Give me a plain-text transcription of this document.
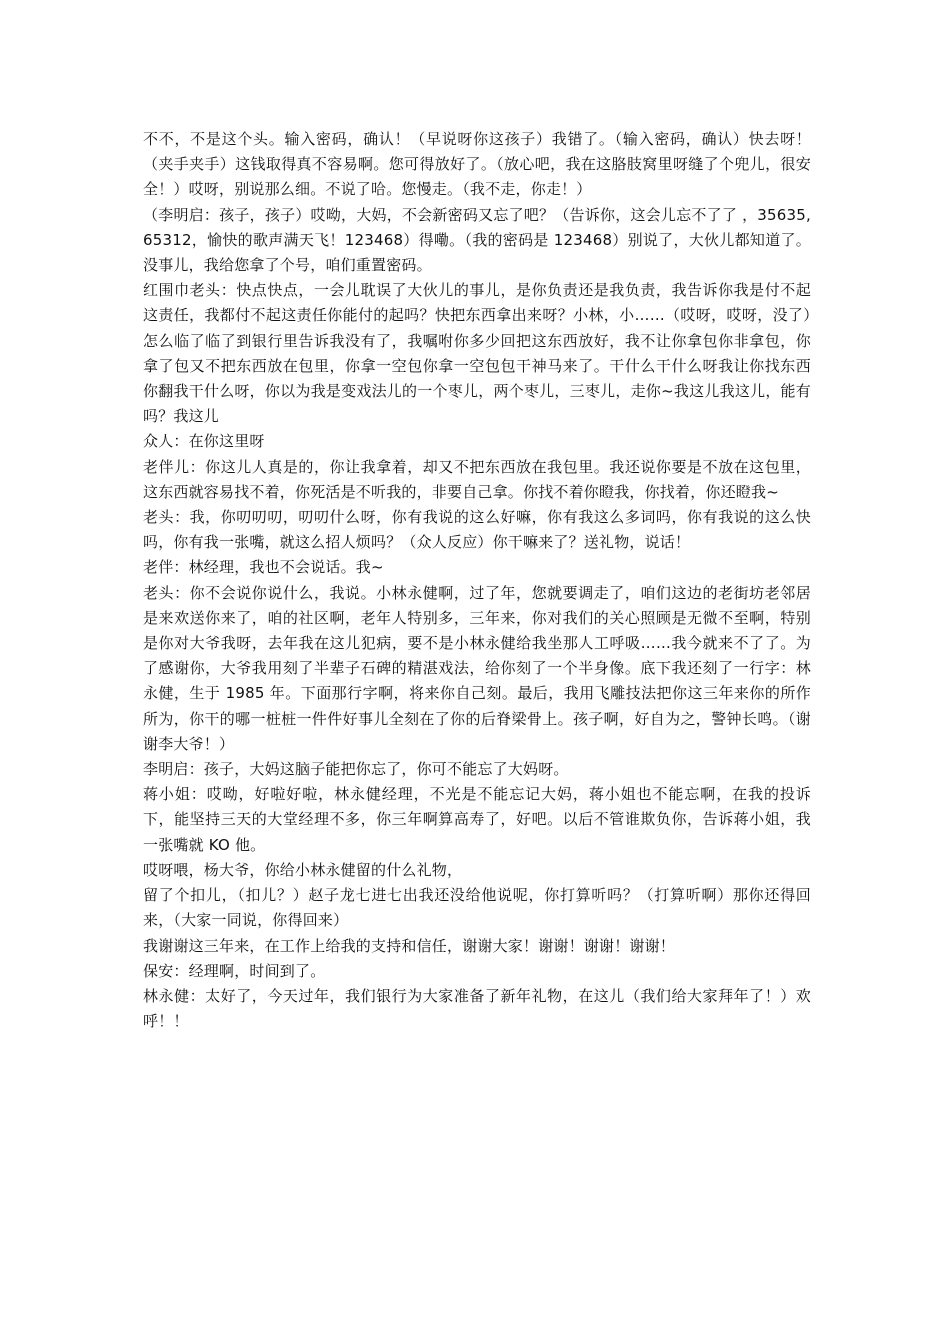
不不，不是这个头。输入密码，确认！（早说呀你这孩子）我错了。（输入密码，确认）快去呀！（夹手夹手）这钱取得真不容易啊。您可得放好了。（放心吧，我在这胳肢窝里呀缝了个兜儿，很安全！）哎呀，别说那么细。不说了哈。您慢走。（我不走，你走！）

（李明启：孩子，孩子）哎呦，大妈，不会新密码又忘了吧？（告诉你，这会儿忘不了了 ，35635,65312，愉快的歌声满天飞！123468）得嘞。（我的密码是 123468）别说了，大伙儿都知道了。没事儿，我给您拿了个号，咱们重置密码。

红围巾老头：快点快点，一会儿耽误了大伙儿的事儿，是你负责还是我负责，我告诉你我是付不起这责任，我都付不起这责任你能付的起吗？快把东西拿出来呀？小林，小……（哎呀，哎呀，没了）怎么临了临了到银行里告诉我没有了，我嘱咐你多少回把这东西放好，我不让你拿包你非拿包，你拿了包又不把东西放在包里，你拿一空包你拿一空包包干神马来了。干什么干什么呀我让你找东西你翻我干什么呀，你以为我是变戏法儿的一个枣儿，两个枣儿，三枣儿，走你~我这儿我这儿，能有吗？我这儿

众人：在你这里呀

老伴儿：你这儿人真是的，你让我拿着，却又不把东西放在我包里。我还说你要是不放在这包里，这东西就容易找不着，你死活是不听我的，非要自己拿。你找不着你瞪我，你找着，你还瞪我~

老头：我，你叨叨叨，叨叨什么呀，你有我说的这么好嘛，你有我这么多词吗，你有我说的这么快吗，你有我一张嘴，就这么招人烦吗？（众人反应）你干嘛来了？送礼物，说话！

老伴：林经理，我也不会说话。我~

老头：你不会说你说什么，我说。小林永健啊，过了年，您就要调走了，咱们这边的老街坊老邻居是来欢送你来了，咱的社区啊，老年人特别多，三年来，你对我们的关心照顾是无微不至啊，特别是你对大爷我呀，去年我在这儿犯病，要不是小林永健给我坐那人工呼吸……我今就来不了了。为了感谢你，大爷我用刻了半辈子石碑的精湛戏法，给你刻了一个半身像。底下我还刻了一行字：林永健，生于 1985 年。下面那行字啊，将来你自己刻。最后，我用飞雕技法把你这三年来你的所作所为，你干的哪一桩桩一件件好事儿全刻在了你的后脊梁骨上。孩子啊，好自为之，警钟长鸣。（谢谢李大爷！）

李明启：孩子，大妈这脑子能把你忘了，你可不能忘了大妈呀。

蒋小姐：哎呦，好啦好啦，林永健经理，不光是不能忘记大妈，蒋小姐也不能忘啊，在我的投诉下，能坚持三天的大堂经理不多，你三年啊算高寿了，好吧。以后不管谁欺负你，告诉蒋小姐，我一张嘴就 KO 他。

哎呀喂，杨大爷，你给小林永健留的什么礼物，

留了个扣儿，（扣儿？）赵子龙七进七出我还没给他说呢，你打算听吗？（打算听啊）那你还得回来，（大家一同说，你得回来）

我谢谢这三年来，在工作上给我的支持和信任，谢谢大家！谢谢！谢谢！谢谢！

保安：经理啊，时间到了。

林永健：太好了，今天过年，我们银行为大家准备了新年礼物，在这儿（我们给大家拜年了！）欢呼！！
